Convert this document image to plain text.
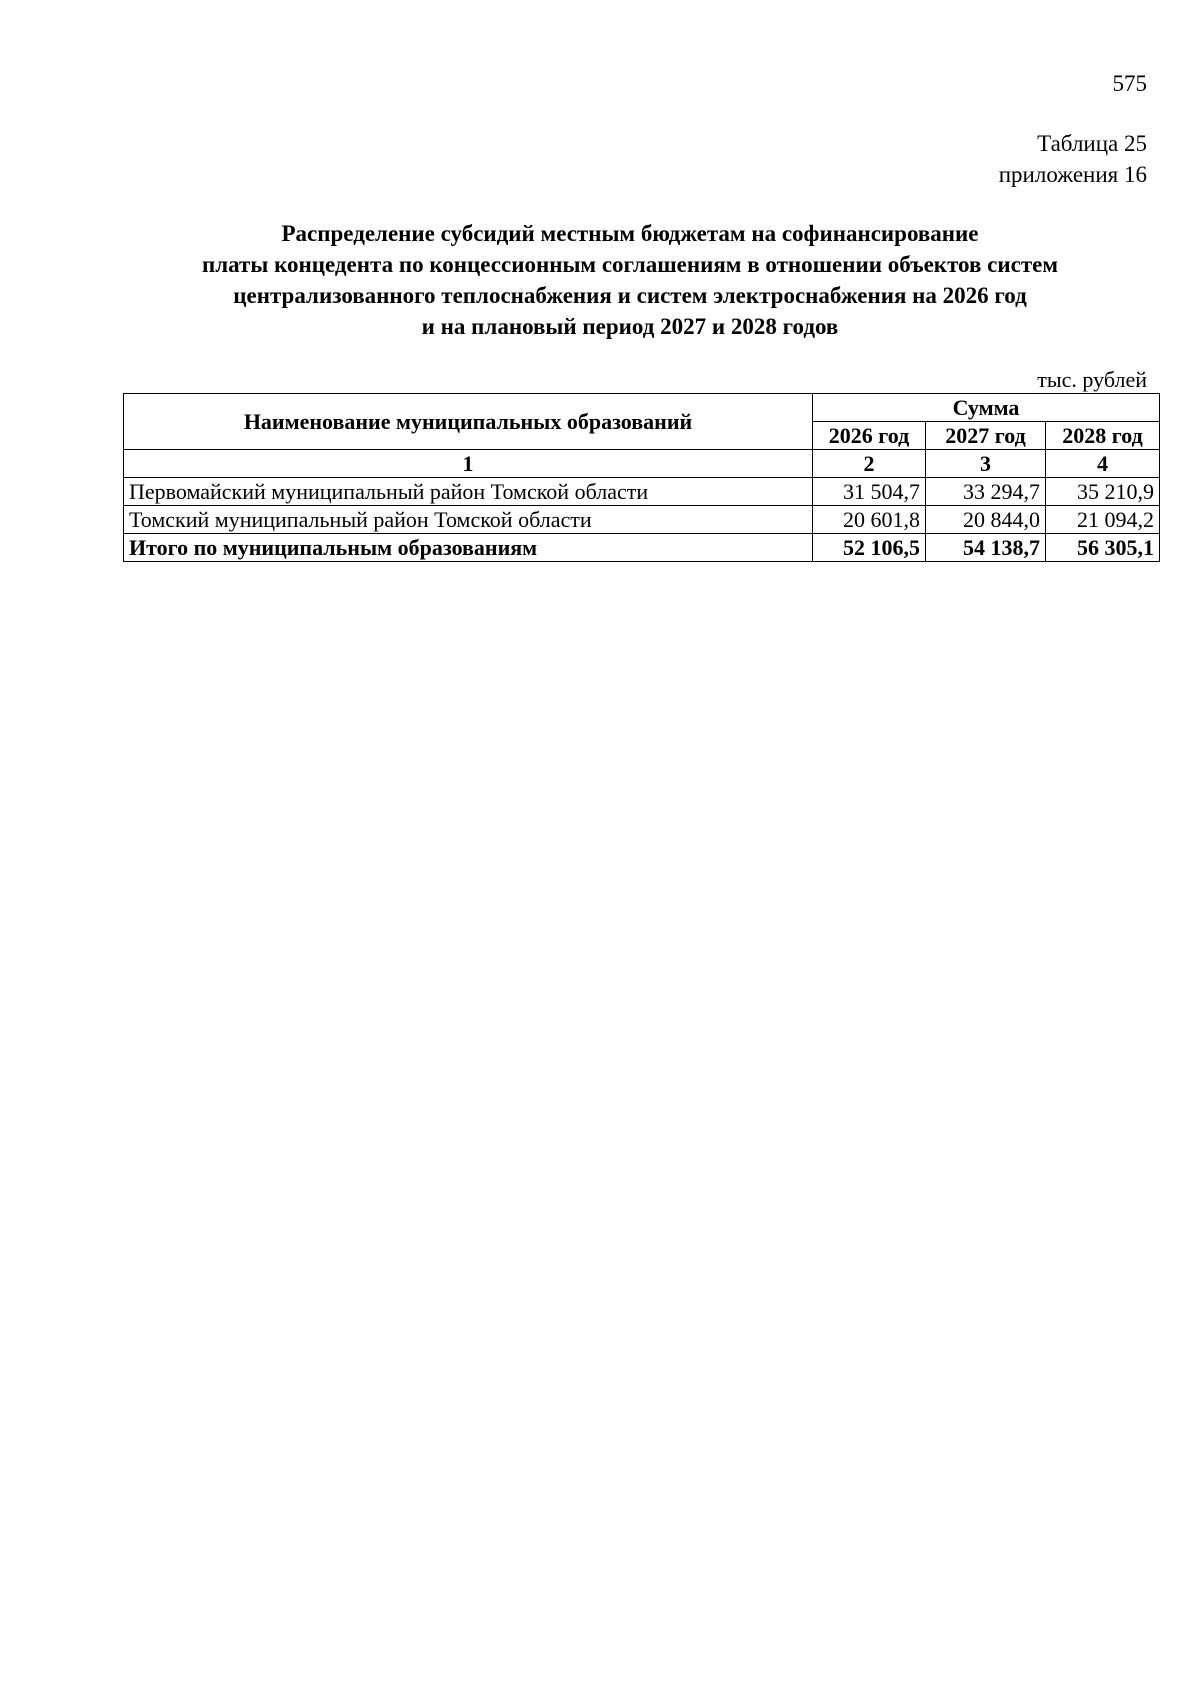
575
Таблица 25
приложения 16
Распределение субсидий местным бюджетам на софинансирование
платы концедента по концессионным соглашениям в отношении объектов систем
централизованного теплоснабжения и систем электроснабжения на 2026 год
и на плановый период 2027 и 2028 годов
тыс. рублей
Наименование муниципальных образований	Сумма		
	2026 год	2027 год	2028 год
1	2	3	4
Первомайский муниципальный район Томской области	31 504,7	33 294,7	35 210,9
Томский муниципальный район Томской области	20 601,8	20 844,0	21 094,2
Итого по муниципальным образованиям	52 106,5	54 138,7	56 305,1
